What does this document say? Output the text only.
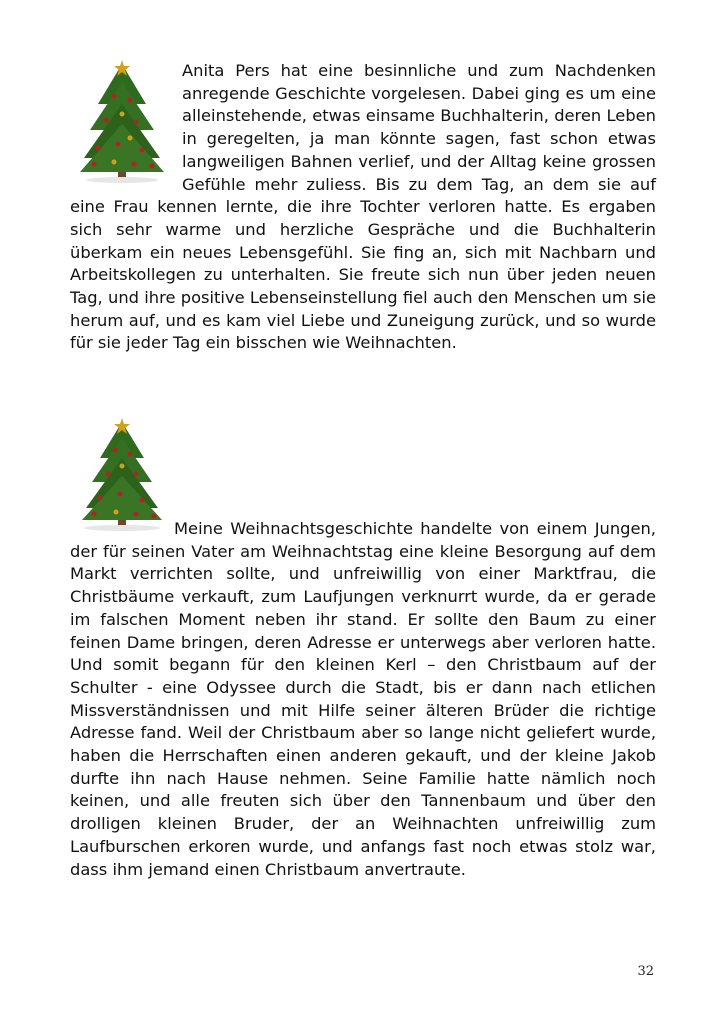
Anita Pers hat eine besinnliche und zum Nachdenken anregende Geschichte vorgelesen. Dabei ging es um eine alleinstehende, etwas einsame Buchhalterin, deren Leben in geregelten, ja man könnte sagen, fast schon etwas langweiligen Bahnen verlief, und der Alltag keine grossen Gefühle mehr zuliess. Bis zu dem Tag, an dem sie auf eine Frau kennen lernte, die ihre Tochter verloren hatte. Es ergaben sich sehr warme und herzliche Gespräche und die Buchhalterin überkam ein neues Lebensgefühl. Sie fing an, sich mit Nachbarn und Arbeitskollegen zu unterhalten. Sie freute sich nun über jeden neuen Tag, und ihre positive Lebenseinstellung fiel auch den Menschen um sie herum auf, und es kam viel Liebe und Zuneigung zurück, und so wurde für sie jeder Tag ein bisschen wie Weihnachten.

Meine Weihnachtsgeschichte handelte von einem Jungen, der für seinen Vater am Weihnachtstag eine kleine Besorgung auf dem Markt verrichten sollte, und unfreiwillig von einer Marktfrau, die Christbäume verkauft, zum Laufjungen verknurrt wurde, da er gerade im falschen Moment neben ihr stand. Er sollte den Baum zu einer feinen Dame bringen, deren Adresse er unterwegs aber verloren hatte. Und somit begann für den kleinen Kerl – den Christbaum auf der Schulter - eine Odyssee durch die Stadt, bis er dann nach etlichen Missverständnissen und mit Hilfe seiner älteren Brüder die richtige Adresse fand. Weil der Christbaum aber so lange nicht geliefert wurde, haben die Herrschaften einen anderen gekauft, und der kleine Jakob durfte ihn nach Hause nehmen. Seine Familie hatte nämlich noch keinen, und alle freuten sich über den Tannenbaum und über den drolligen kleinen Bruder, der an Weihnachten unfreiwillig zum Laufburschen erkoren wurde, und anfangs fast noch etwas stolz war, dass ihm jemand einen Christbaum anvertraute.

32
